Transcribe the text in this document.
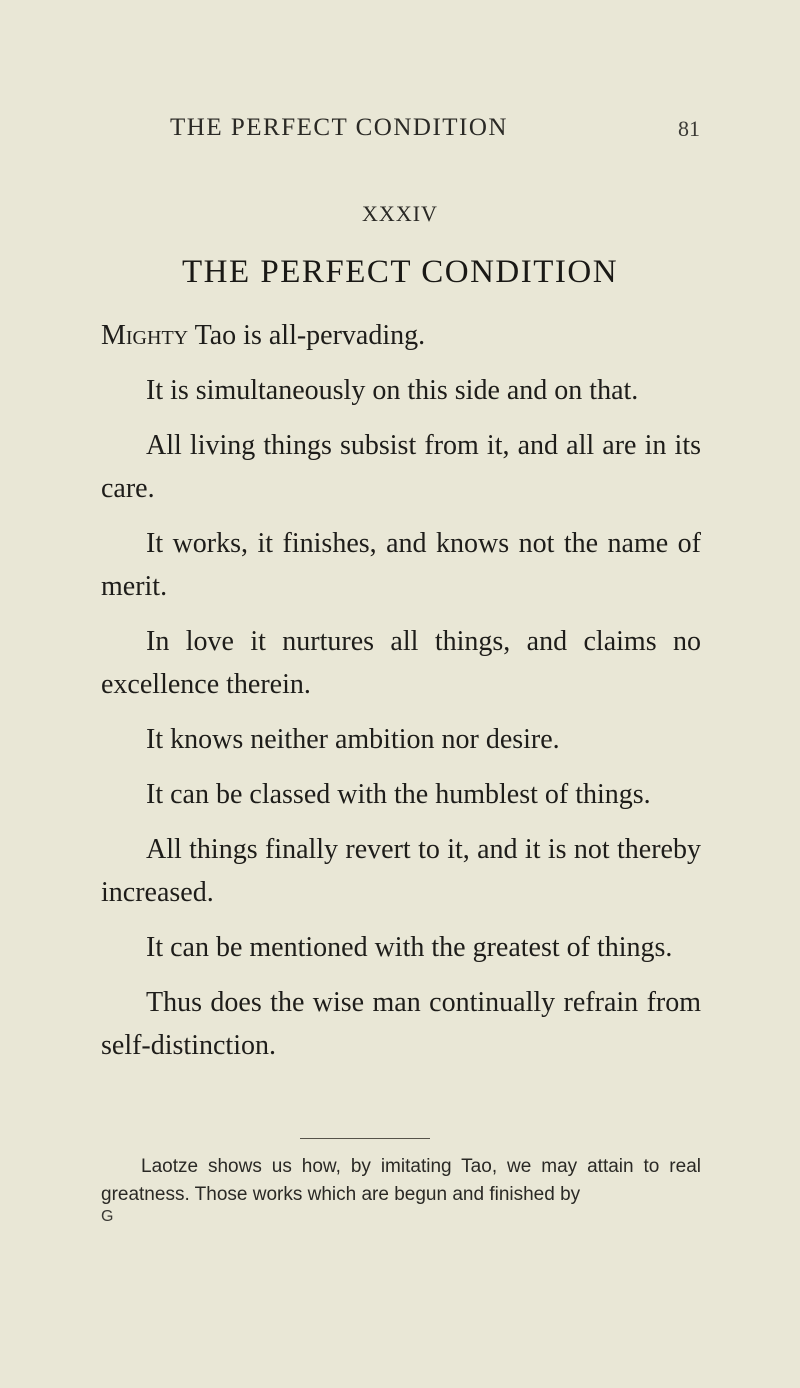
THE PERFECT CONDITION	81
XXXIV
THE PERFECT CONDITION

Mighty Tao is all-pervading.

It is simultaneously on this side and on that.

All living things subsist from it, and all are in its care.

It works, it finishes, and knows not the name of merit.

In love it nurtures all things, and claims no excellence therein.

It knows neither ambition nor desire.

It can be classed with the humblest of things.

All things finally revert to it, and it is not thereby increased.

It can be mentioned with the greatest of things.

Thus does the wise man continually refrain from self-distinction.

Laotze shows us how, by imitating Tao, we may attain to real greatness. Those works which are begun and finished by

G
